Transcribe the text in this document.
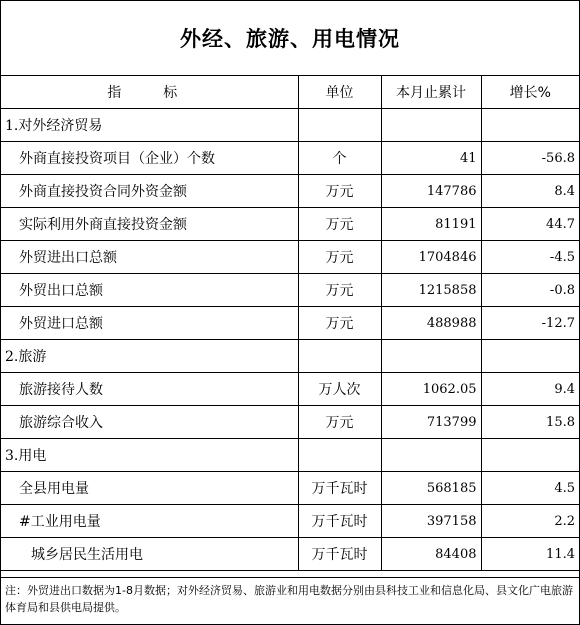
外经、旅游、用电情况
指　标	单位	本月止累计	增长%
1.对外经济贸易			
外商直接投资项目（企业）个数	个	41	-56.8
外商直接投资合同外资金额	万元	147786	8.4
实际利用外商直接投资金额	万元	81191	44.7
外贸进出口总额	万元	1704846	-4.5
外贸出口总额	万元	1215858	-0.8
外贸进口总额	万元	488988	-12.7
2.旅游			
旅游接待人数	万人次	1062.05	9.4
旅游综合收入	万元	713799	15.8
3.用电			
全县用电量	万千瓦时	568185	4.5
#工业用电量	万千瓦时	397158	2.2
城乡居民生活用电	万千瓦时	84408	11.4
注：外贸进出口数据为1-8月数据；对外经济贸易、旅游业和用电数据分别由县科技工业和信息化局、县文化广电旅游体育局和县供电局提供。
